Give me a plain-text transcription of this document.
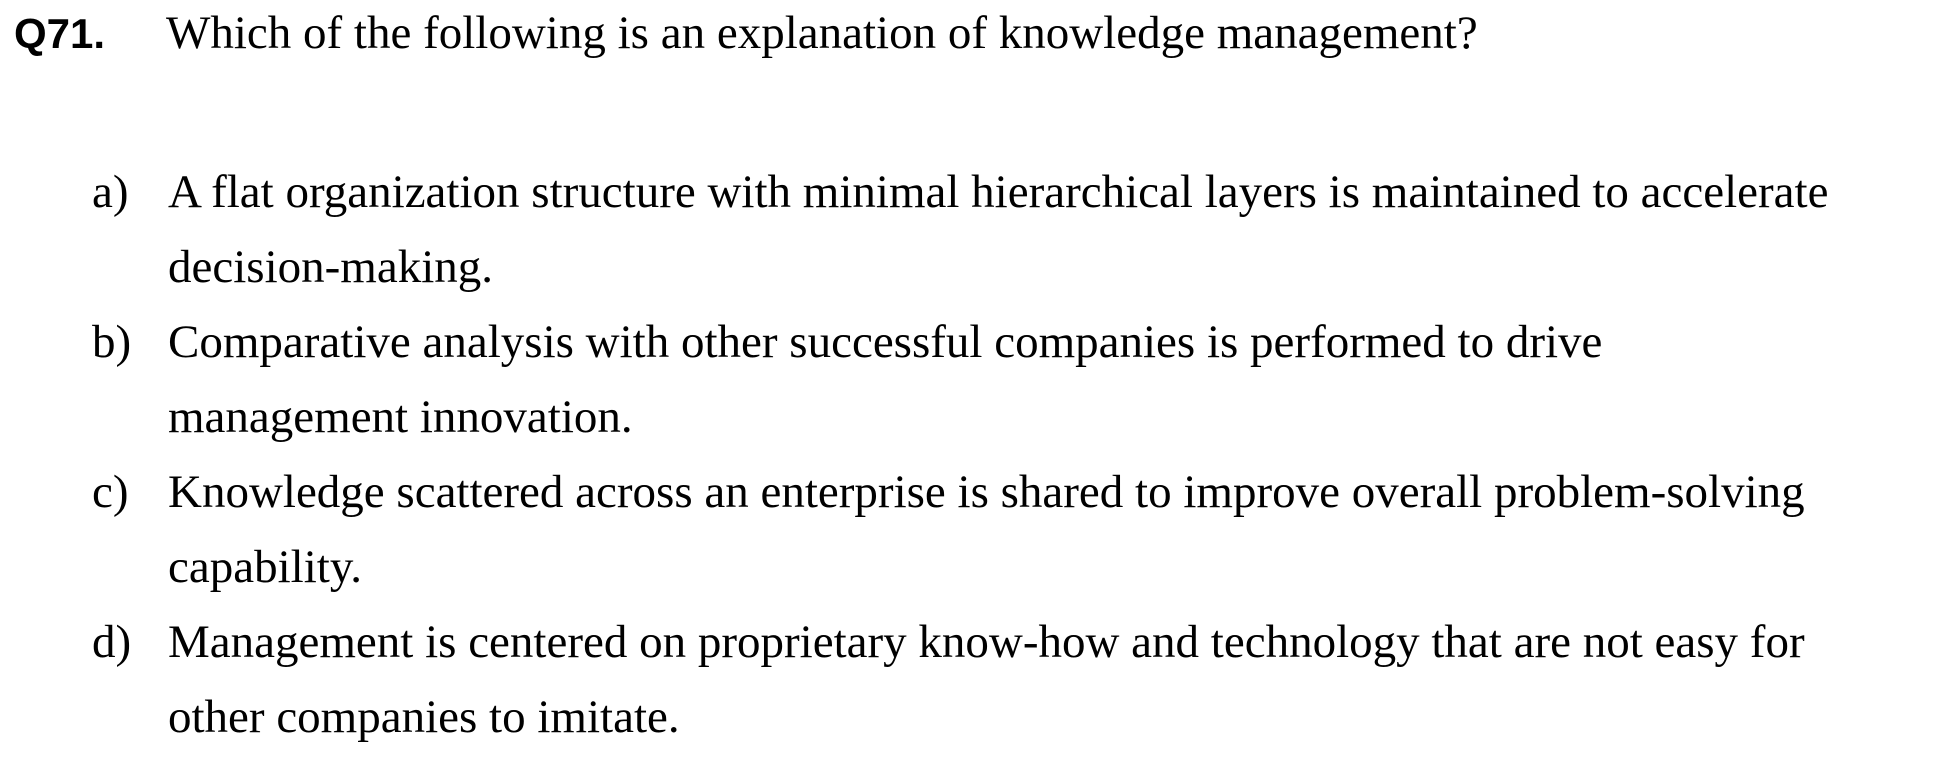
Q71.	Which of the following is an explanation of knowledge management?
a) A flat organization structure with minimal hierarchical layers is maintained to accelerate
decision-making.
b) Comparative analysis with other successful companies is performed to drive
management innovation.
c) Knowledge scattered across an enterprise is shared to improve overall problem-solving
capability.
d) Management is centered on proprietary know-how and technology that are not easy for
other companies to imitate.
